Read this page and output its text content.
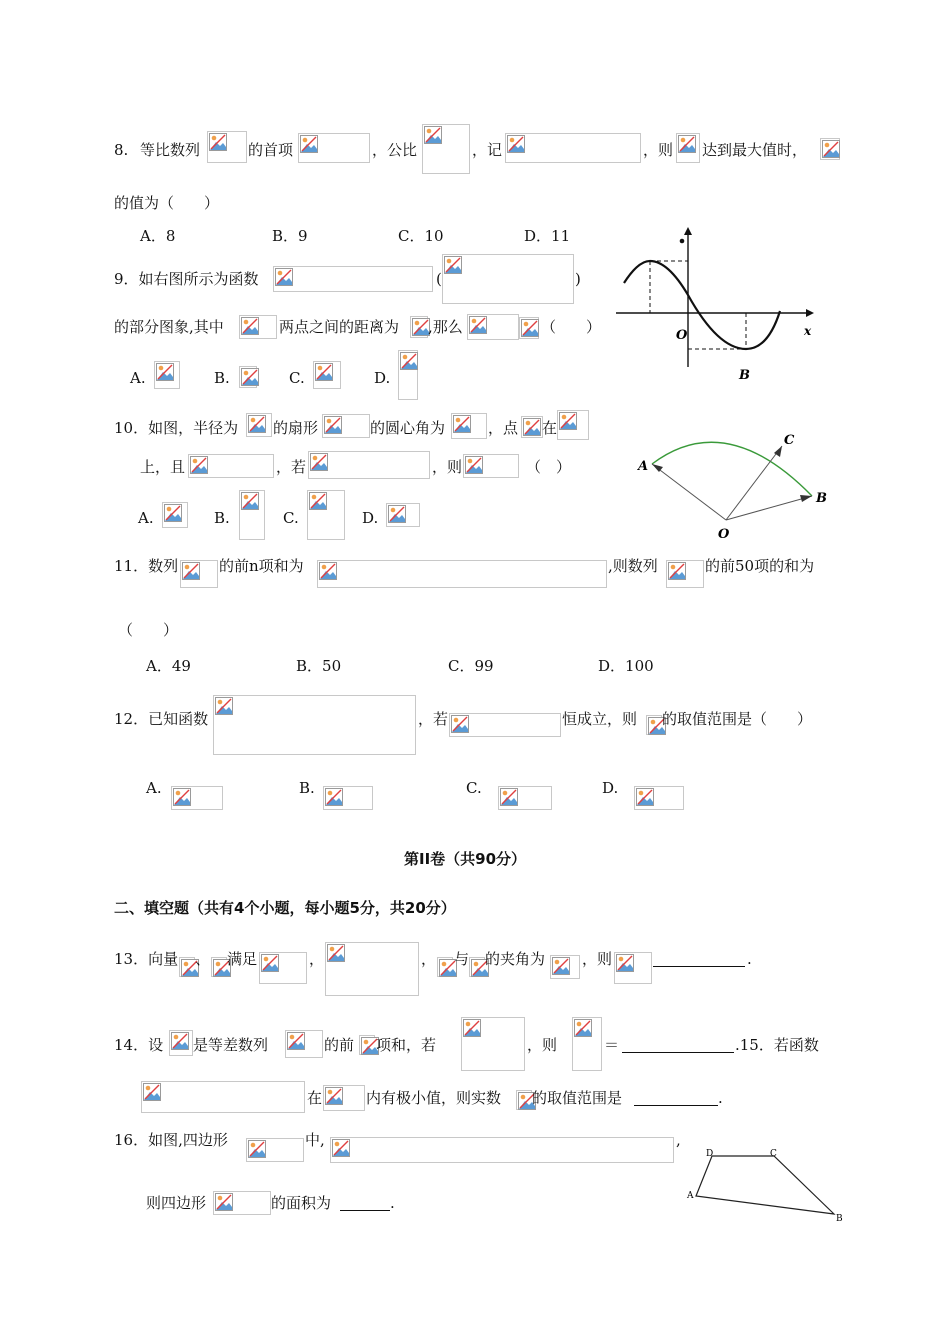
8. 等比数列	的首项	，公比	，记	，则 达到最大值时，
的值为（　　）
A．8	B．9	C．10	D．11
9．如右图所示为函数	(	)
的部分图象,其中	两点之间的距离为 ,那么	（　　）
A.	B.	C.	D.
O
B
x
10．如图，半径为 的扇形	的圆心角为	，点 在
上，且	，若	，则	（　）
A.	B.	C.	D.
A
C
B
O
11．数列	的前n项和为	,则数列	的前50项的和为
（　　）
A．49	B．50	C．99	D．100
12．已知函数	，若	恒成立，则 的取值范围是（　　）
A.	B.	C.	D.
第II卷（共90分）
二、填空题（共有4个小题，每小题5分，共20分）
13．向量 、 满足	，	， 与 的夹角为 ，则	.
14．设 是等差数列	的前 项和，若	，则	＝	.15．若函数
在	内有极小值，则实数 的取值范围是	.
16．如图,四边形	中,	,
则四边形	的面积为	.
D	C
A
B
